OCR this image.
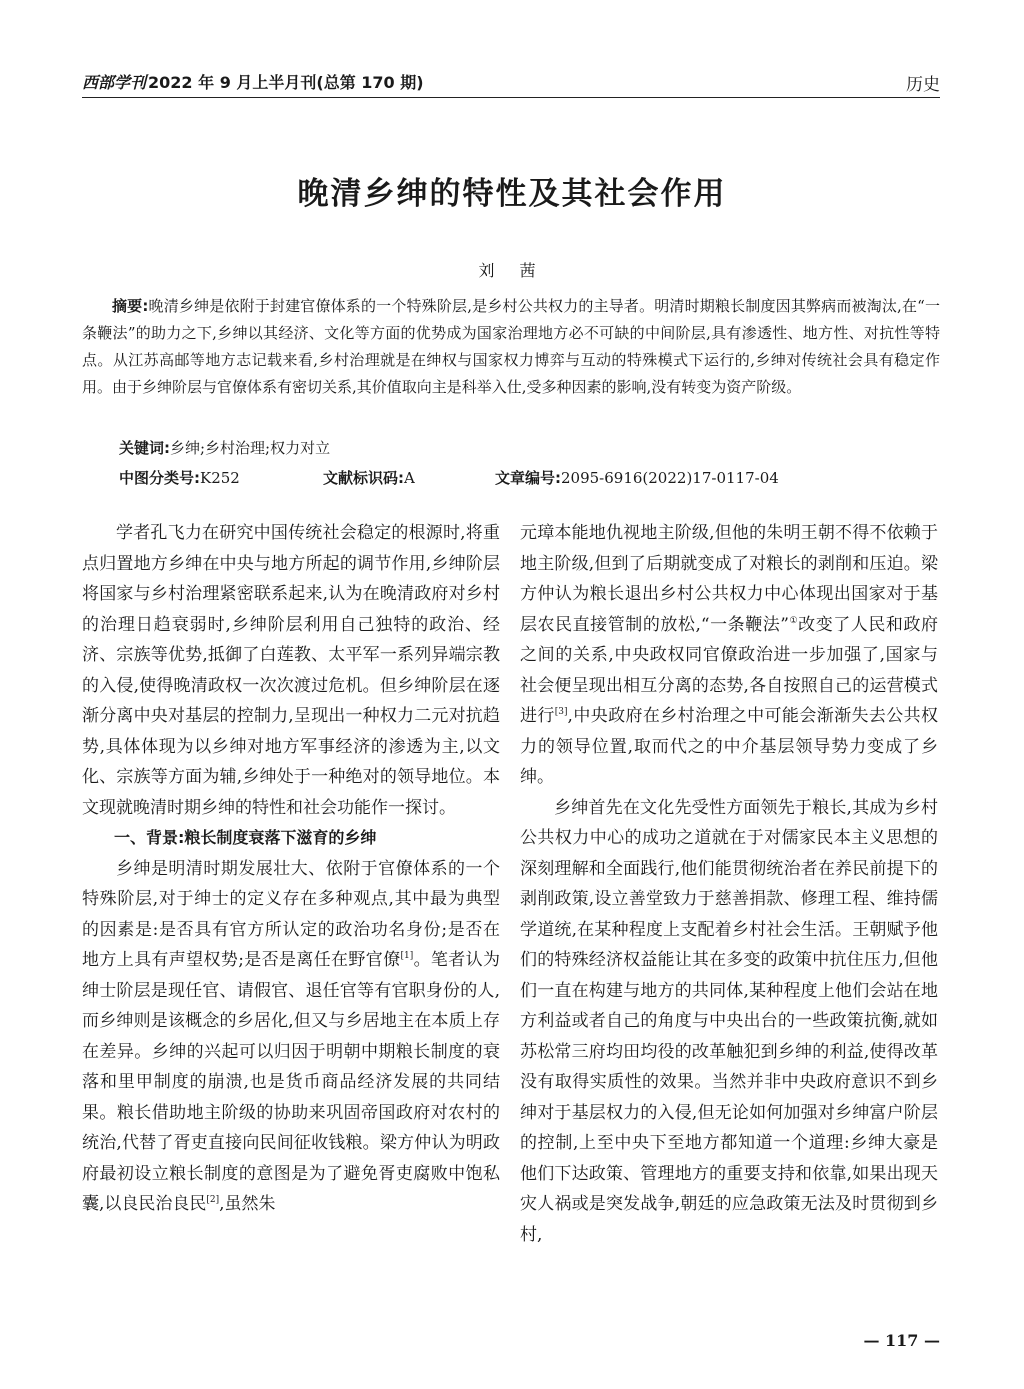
西部学刊 2022 年 9 月上半月刊(总第 170 期)	历史
晚清乡绅的特性及其社会作用
刘 茜
摘要:晚清乡绅是依附于封建官僚体系的一个特殊阶层,是乡村公共权力的主导者。明清时期粮长制度因其弊病而被淘汰,在“一条鞭法”的助力之下,乡绅以其经济、文化等方面的优势成为国家治理地方必不可缺的中间阶层,具有渗透性、地方性、对抗性等特点。从江苏高邮等地方志记载来看,乡村治理就是在绅权与国家权力博弈与互动的特殊模式下运行的,乡绅对传统社会具有稳定作用。由于乡绅阶层与官僚体系有密切关系,其价值取向主是科举入仕,受多种因素的影响,没有转变为资产阶级。
关键词:乡绅;乡村治理;权力对立
中图分类号:K252	文献标识码:A	文章编号:2095-6916(2022)17-0117-04

学者孔飞力在研究中国传统社会稳定的根源时,将重点归置地方乡绅在中央与地方所起的调节作用,乡绅阶层将国家与乡村治理紧密联系起来,认为在晚清政府对乡村的治理日趋衰弱时,乡绅阶层利用自己独特的政治、经济、宗族等优势,抵御了白莲教、太平军一系列异端宗教的入侵,使得晚清政权一次次渡过危机。但乡绅阶层在逐渐分离中央对基层的控制力,呈现出一种权力二元对抗趋势,具体体现为以乡绅对地方军事经济的渗透为主,以文化、宗族等方面为辅,乡绅处于一种绝对的领导地位。本文现就晚清时期乡绅的特性和社会功能作一探讨。

一、背景:粮长制度衰落下滋育的乡绅

乡绅是明清时期发展壮大、依附于官僚体系的一个特殊阶层,对于绅士的定义存在多种观点,其中最为典型的因素是:是否具有官方所认定的政治功名身份;是否在地方上具有声望权势;是否是离任在野官僚[1]。笔者认为绅士阶层是现任官、请假官、退任官等有官职身份的人,而乡绅则是该概念的乡居化,但又与乡居地主在本质上存在差异。乡绅的兴起可以归因于明朝中期粮长制度的衰落和里甲制度的崩溃,也是货币商品经济发展的共同结果。粮长借助地主阶级的协助来巩固帝国政府对农村的统治,代替了胥吏直接向民间征收钱粮。梁方仲认为明政府最初设立粮长制度的意图是为了避免胥吏腐败中饱私囊,以良民治良民[2],虽然朱

元璋本能地仇视地主阶级,但他的朱明王朝不得不依赖于地主阶级,但到了后期就变成了对粮长的剥削和压迫。梁方仲认为粮长退出乡村公共权力中心体现出国家对于基层农民直接管制的放松,“一条鞭法”①改变了人民和政府之间的关系,中央政权同官僚政治进一步加强了,国家与社会便呈现出相互分离的态势,各自按照自己的运营模式进行[3],中央政府在乡村治理之中可能会渐渐失去公共权力的领导位置,取而代之的中介基层领导势力变成了乡绅。

乡绅首先在文化先受性方面领先于粮长,其成为乡村公共权力中心的成功之道就在于对儒家民本主义思想的深刻理解和全面践行,他们能贯彻统治者在养民前提下的剥削政策,设立善堂致力于慈善捐款、修理工程、维持儒学道统,在某种程度上支配着乡村社会生活。王朝赋予他们的特殊经济权益能让其在多变的政策中抗住压力,但他们一直在构建与地方的共同体,某种程度上他们会站在地方利益或者自己的角度与中央出台的一些政策抗衡,就如苏松常三府均田均役的改革触犯到乡绅的利益,使得改革没有取得实质性的效果。当然并非中央政府意识不到乡绅对于基层权力的入侵,但无论如何加强对乡绅富户阶层的控制,上至中央下至地方都知道一个道理:乡绅大豪是他们下达政策、管理地方的重要支持和依靠,如果出现天灾人祸或是突发战争,朝廷的应急政策无法及时贯彻到乡村,

— 117 —
